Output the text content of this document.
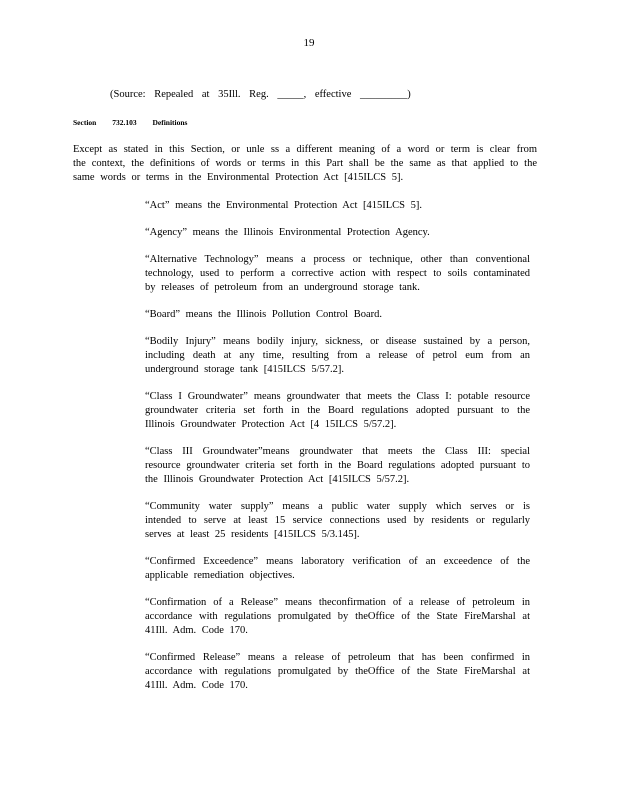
19
(Source: Repealed at 35Ill. Reg. _____, effective _________)
Section 732.103 Definitions

Except as stated in this Section, or unle ss a different meaning of a word or term is clear from the context, the definitions of words or terms in this Part shall be the same as that applied to the same words or terms in the Environmental Protection Act [415ILCS 5].

“Act” means the Environmental Protection Act [415ILCS 5].

“Agency” means the Illinois Environmental Protection Agency.

“Alternative Technology” means a process or technique, other than conventional technology, used to perform a corrective action with respect to soils contaminated by releases of petroleum from an underground storage tank.

“Board” means the Illinois Pollution Control Board.

“Bodily Injury” means bodily injury, sickness, or disease sustained by a person, including death at any time, resulting from a release of petrol eum from an underground storage tank [415ILCS 5/57.2].

“Class I Groundwater” means groundwater that meets the Class I: potable resource groundwater criteria set forth in the Board regulations adopted pursuant to the Illinois Groundwater Protection Act [4 15ILCS 5/57.2].

“Class III Groundwater”means groundwater that meets the Class III: special resource groundwater criteria set forth in the Board regulations adopted pursuant to the Illinois Groundwater Protection Act [415ILCS 5/57.2].

“Community water supply” means a public water supply which serves or is intended to serve at least 15 service connections used by residents or regularly serves at least 25 residents [415ILCS 5/3.145].

“Confirmed Exceedence” means laboratory verification of an exceedence of the applicable remediation objectives.

“Confirmation of a Release” means theconfirmation of a release of petroleum in accordance with regulations promulgated by theOffice of the State FireMarshal at 41Ill. Adm. Code 170.

“Confirmed Release” means a release of petroleum that has been confirmed in accordance with regulations promulgated by theOffice of the State FireMarshal at 41Ill. Adm. Code 170.
